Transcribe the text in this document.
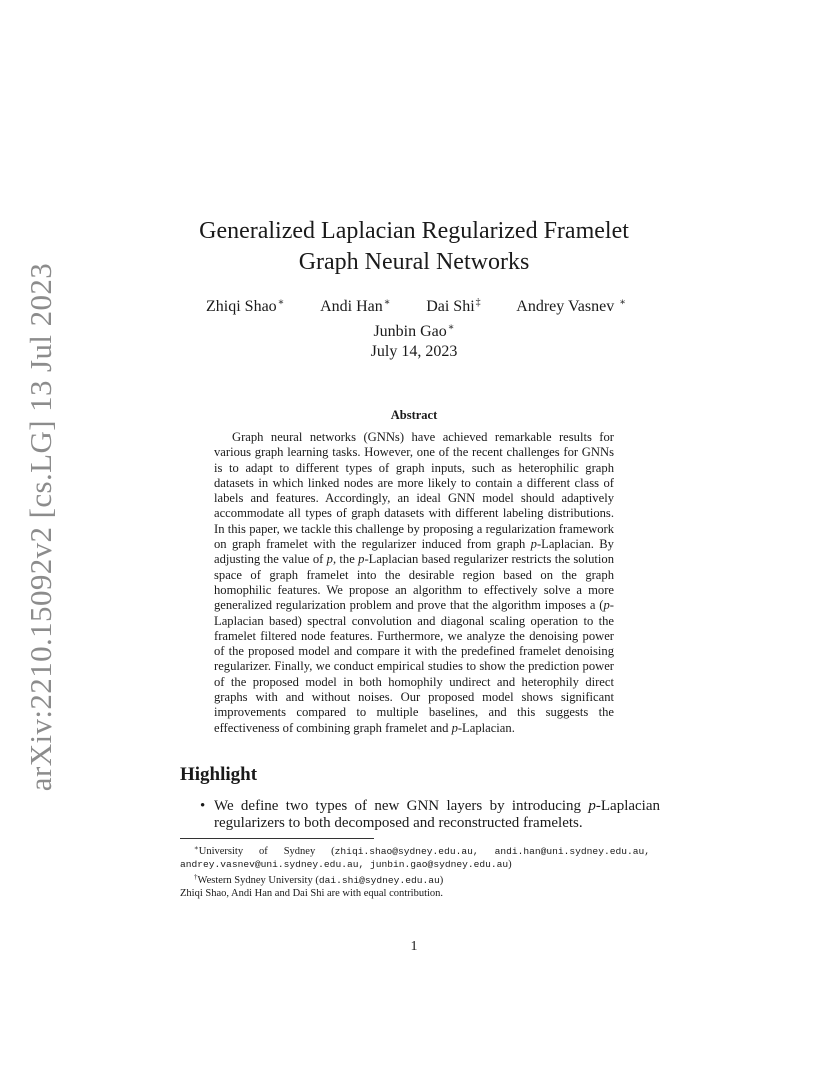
arXiv:2210.15092v2 [cs.LG] 13 Jul 2023
Generalized Laplacian Regularized Framelet
Graph Neural Networks
Zhiqi Shao∗ Andi Han∗ Dai Shi‡ Andrey Vasnev ∗
Junbin Gao∗
July 14, 2023
Abstract
Graph neural networks (GNNs) have achieved remarkable results for various graph learning tasks. However, one of the recent challenges for GNNs is to adapt to different types of graph inputs, such as heterophilic graph datasets in which linked nodes are more likely to contain a different class of labels and features. Accordingly, an ideal GNN model should adaptively accommodate all types of graph datasets with different labeling distributions. In this paper, we tackle this challenge by proposing a regularization framework on graph framelet with the regularizer induced from graph p-Laplacian. By adjusting the value of p, the p-Laplacian based regularizer restricts the solution space of graph framelet into the desirable region based on the graph homophilic features. We propose an algorithm to effectively solve a more generalized regularization problem and prove that the algorithm imposes a (p-Laplacian based) spectral convolution and diagonal scaling operation to the framelet filtered node features. Furthermore, we analyze the denoising power of the proposed model and compare it with the predefined framelet denoising regularizer. Finally, we conduct empirical studies to show the prediction power of the proposed model in both homophily undirect and heterophily direct graphs with and without noises. Our proposed model shows significant improvements compared to multiple baselines, and this suggests the effectiveness of combining graph framelet and p-Laplacian.
Highlight
• We define two types of new GNN layers by introducing p-Laplacian regularizers to both decomposed and reconstructed framelets.
∗University of Sydney (zhiqi.shao@sydney.edu.au, andi.han@uni.sydney.edu.au,
andrey.vasnev@uni.sydney.edu.au, junbin.gao@sydney.edu.au)
†Western Sydney University (dai.shi@sydney.edu.au)
Zhiqi Shao, Andi Han and Dai Shi are with equal contribution.
1
